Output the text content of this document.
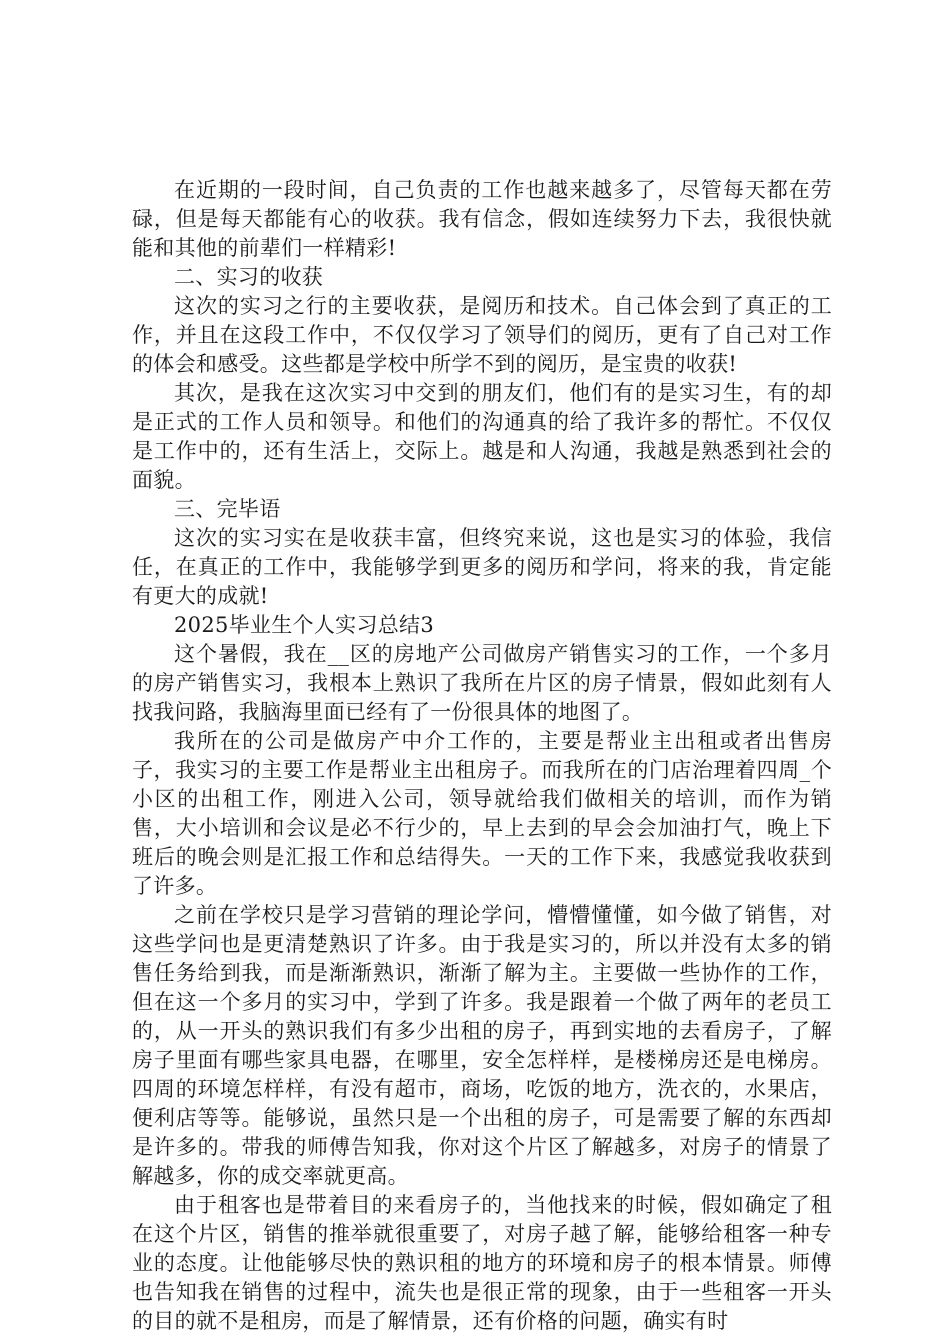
在近期的一段时间，自己负责的工作也越来越多了，尽管每天都在劳碌，但是每天都能有心的收获。我有信念，假如连续努力下去，我很快就能和其他的前辈们一样精彩!

二、实习的收获

这次的实习之行的主要收获，是阅历和技术。自己体会到了真正的工作，并且在这段工作中，不仅仅学习了领导们的阅历，更有了自己对工作的体会和感受。这些都是学校中所学不到的阅历，是宝贵的收获!

其次，是我在这次实习中交到的朋友们，他们有的是实习生，有的却是正式的工作人员和领导。和他们的沟通真的给了我许多的帮忙。不仅仅是工作中的，还有生活上，交际上。越是和人沟通，我越是熟悉到社会的面貌。

三、完毕语

这次的实习实在是收获丰富，但终究来说，这也是实习的体验，我信任，在真正的工作中，我能够学到更多的阅历和学问，将来的我，肯定能有更大的成就!

2025毕业生个人实习总结3

这个暑假，我在__区的房地产公司做房产销售实习的工作，一个多月的房产销售实习，我根本上熟识了我所在片区的房子情景，假如此刻有人找我问路，我脑海里面已经有了一份很具体的地图了。

我所在的公司是做房产中介工作的，主要是帮业主出租或者出售房子，我实习的主要工作是帮业主出租房子。而我所在的门店治理着四周_个小区的出租工作，刚进入公司，领导就给我们做相关的培训，而作为销售，大小培训和会议是必不行少的，早上去到的早会会加油打气，晚上下班后的晚会则是汇报工作和总结得失。一天的工作下来，我感觉我收获到了许多。

之前在学校只是学习营销的理论学问，懵懵懂懂，如今做了销售，对这些学问也是更清楚熟识了许多。由于我是实习的，所以并没有太多的销售任务给到我，而是渐渐熟识，渐渐了解为主。主要做一些协作的工作，但在这一个多月的实习中，学到了许多。我是跟着一个做了两年的老员工的，从一开头的熟识我们有多少出租的房子，再到实地的去看房子，了解房子里面有哪些家具电器，在哪里，安全怎样样，是楼梯房还是电梯房。四周的环境怎样样，有没有超市，商场，吃饭的地方，洗衣的，水果店，便利店等等。能够说，虽然只是一个出租的房子，可是需要了解的东西却是许多的。带我的师傅告知我，你对这个片区了解越多，对房子的情景了解越多，你的成交率就更高。

由于租客也是带着目的来看房子的，当他找来的时候，假如确定了租在这个片区，销售的推举就很重要了，对房子越了解，能够给租客一种专业的态度。让他能够尽快的熟识租的地方的环境和房子的根本情景。师傅也告知我在销售的过程中，流失也是很正常的现象，由于一些租客一开头的目的就不是租房，而是了解情景，还有价格的问题，确实有时
